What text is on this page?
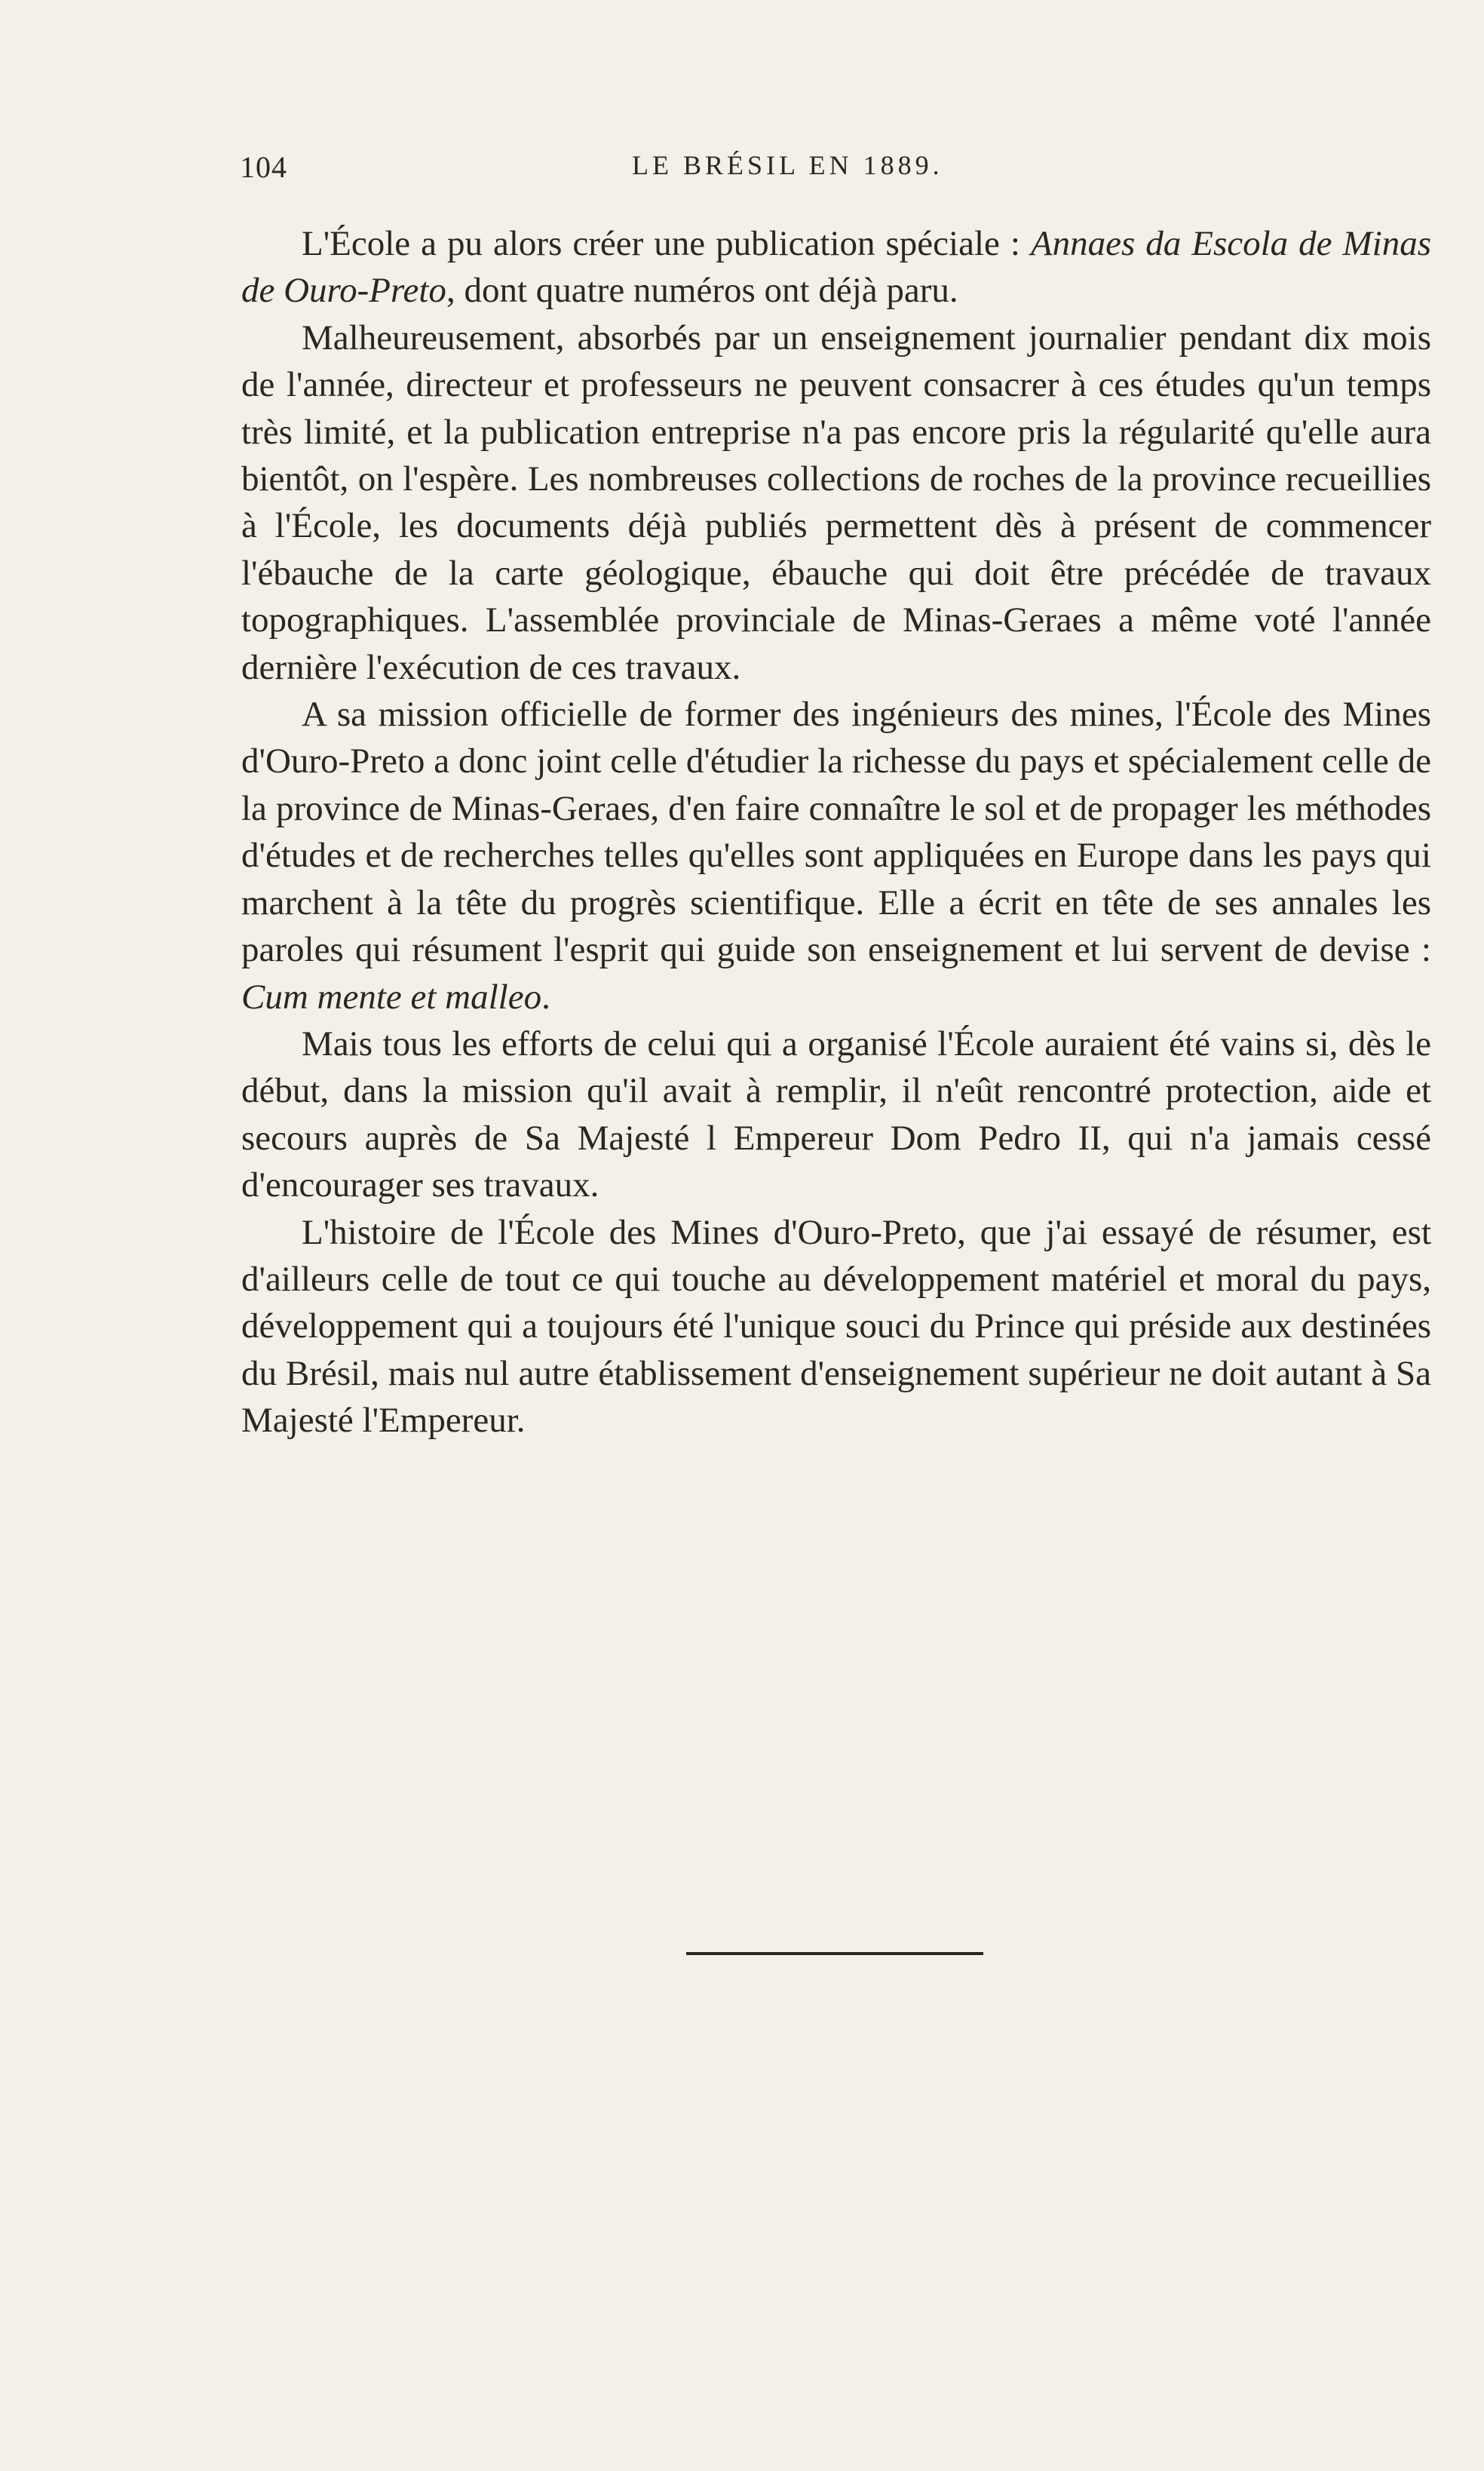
104	LE BRÉSIL EN 1889.

L'École a pu alors créer une publication spéciale : Annaes da Escola de Minas de Ouro-Preto, dont quatre numéros ont déjà paru.

Malheureusement, absorbés par un enseignement journalier pendant dix mois de l'année, directeur et professeurs ne peuvent consacrer à ces études qu'un temps très limité, et la publication entreprise n'a pas encore pris la régularité qu'elle aura bientôt, on l'espère. Les nombreuses collections de roches de la province recueillies à l'École, les documents déjà publiés permettent dès à présent de commencer l'ébauche de la carte géologique, ébauche qui doit être précédée de travaux topographiques. L'assemblée provinciale de Minas-Geraes a même voté l'année dernière l'exécution de ces travaux.

A sa mission officielle de former des ingénieurs des mines, l'École des Mines d'Ouro-Preto a donc joint celle d'étudier la richesse du pays et spécialement celle de la province de Minas-Geraes, d'en faire connaître le sol et de propager les méthodes d'études et de recherches telles qu'elles sont appliquées en Europe dans les pays qui marchent à la tête du progrès scientifique. Elle a écrit en tête de ses annales les paroles qui résument l'esprit qui guide son enseignement et lui servent de devise : Cum mente et malleo.

Mais tous les efforts de celui qui a organisé l'École auraient été vains si, dès le début, dans la mission qu'il avait à remplir, il n'eût rencontré protection, aide et secours auprès de Sa Majesté l Empereur Dom Pedro II, qui n'a jamais cessé d'encourager ses travaux.

L'histoire de l'École des Mines d'Ouro-Preto, que j'ai essayé de résumer, est d'ailleurs celle de tout ce qui touche au développement matériel et moral du pays, développement qui a toujours été l'unique souci du Prince qui préside aux destinées du Brésil, mais nul autre établissement d'enseignement supérieur ne doit autant à Sa Majesté l'Empereur.
